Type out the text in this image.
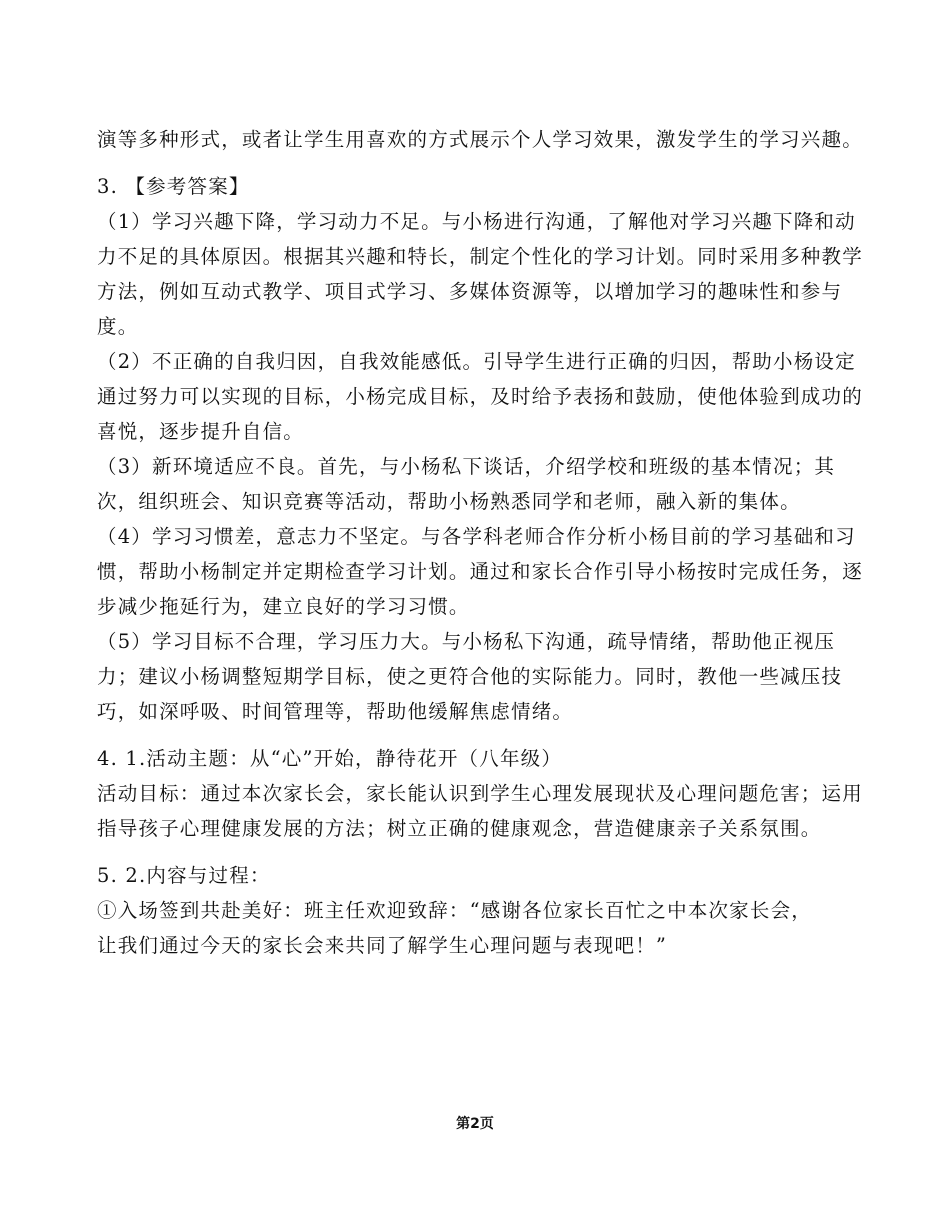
演等多种形式，或者让学生用喜欢的方式展示个人学习效果，激发学生的学习兴趣。

3. 【参考答案】

（1）学习兴趣下降，学习动力不足。与小杨进行沟通，了解他对学习兴趣下降和动力不足的具体原因。根据其兴趣和特长，制定个性化的学习计划。同时采用多种教学方法，例如互动式教学、项目式学习、多媒体资源等，以增加学习的趣味性和参与度。

（2）不正确的自我归因，自我效能感低。引导学生进行正确的归因，帮助小杨设定通过努力可以实现的目标，小杨完成目标，及时给予表扬和鼓励，使他体验到成功的喜悦，逐步提升自信。

（3）新环境适应不良。首先，与小杨私下谈话，介绍学校和班级的基本情况；其次，组织班会、知识竞赛等活动，帮助小杨熟悉同学和老师，融入新的集体。

（4）学习习惯差，意志力不坚定。与各学科老师合作分析小杨目前的学习基础和习惯，帮助小杨制定并定期检查学习计划。通过和家长合作引导小杨按时完成任务，逐步减少拖延行为，建立良好的学习习惯。

（5）学习目标不合理，学习压力大。与小杨私下沟通，疏导情绪，帮助他正视压力；建议小杨调整短期学目标，使之更符合他的实际能力。同时，教他一些减压技巧，如深呼吸、时间管理等，帮助他缓解焦虑情绪。

4. 1.活动主题：从“心”开始，静待花开（八年级）

活动目标：通过本次家长会，家长能认识到学生心理发展现状及心理问题危害；运用指导孩子心理健康发展的方法；树立正确的健康观念，营造健康亲子关系氛围。

5. 2.内容与过程：

①入场签到共赴美好：班主任欢迎致辞：“感谢各位家长百忙之中本次家长会，让我们通过今天的家长会来共同了解学生心理问题与表现吧！”

第2页
